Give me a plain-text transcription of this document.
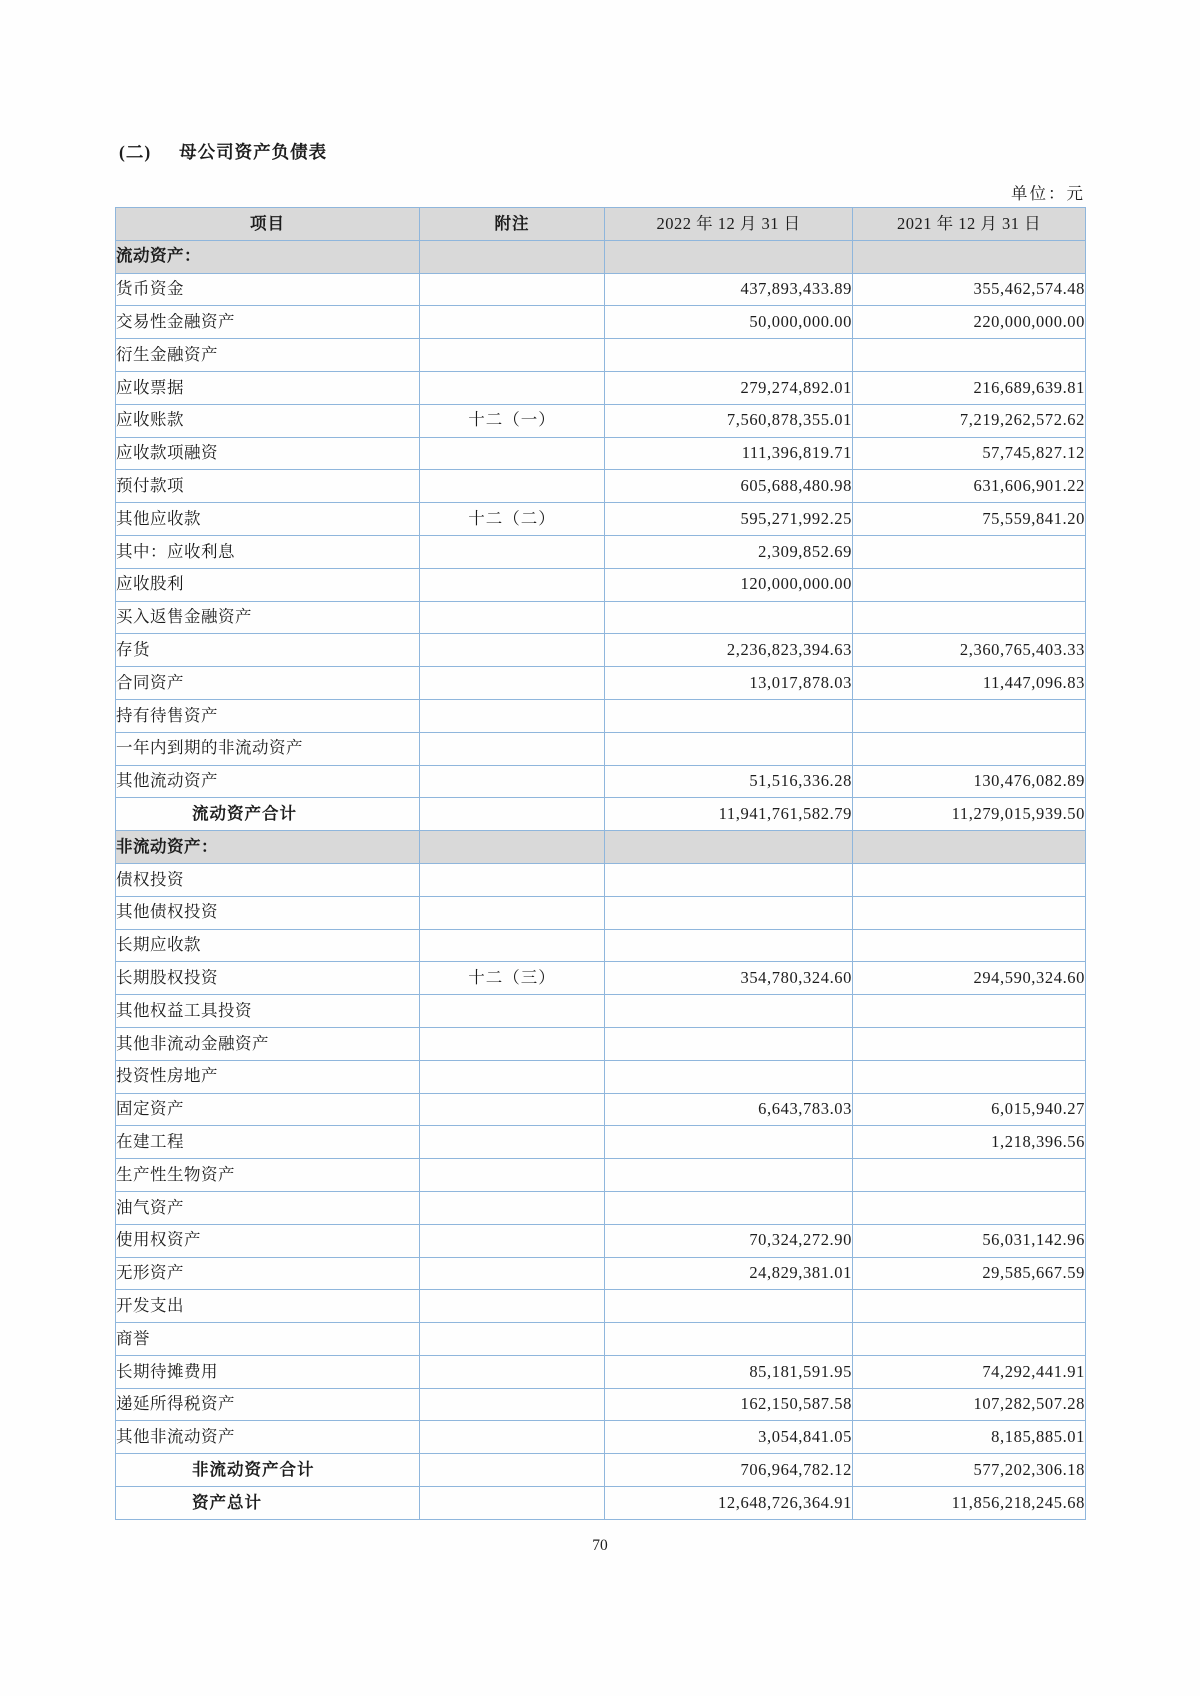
(二) 母公司资产负债表
单位：元
项目	附注	2022 年 12 月 31 日	2021 年 12 月 31 日
流动资产：			
货币资金		437,893,433.89	355,462,574.48
交易性金融资产		50,000,000.00	220,000,000.00
衍生金融资产			
应收票据		279,274,892.01	216,689,639.81
应收账款	十二（一）	7,560,878,355.01	7,219,262,572.62
应收款项融资		111,396,819.71	57,745,827.12
预付款项		605,688,480.98	631,606,901.22
其他应收款	十二（二）	595,271,992.25	75,559,841.20
其中：应收利息		2,309,852.69	
应收股利		120,000,000.00	
买入返售金融资产			
存货		2,236,823,394.63	2,360,765,403.33
合同资产		13,017,878.03	11,447,096.83
持有待售资产			
一年内到期的非流动资产			
其他流动资产		51,516,336.28	130,476,082.89
流动资产合计		11,941,761,582.79	11,279,015,939.50
非流动资产：			
债权投资			
其他债权投资			
长期应收款			
长期股权投资	十二（三）	354,780,324.60	294,590,324.60
其他权益工具投资			
其他非流动金融资产			
投资性房地产			
固定资产		6,643,783.03	6,015,940.27
在建工程			1,218,396.56
生产性生物资产			
油气资产			
使用权资产		70,324,272.90	56,031,142.96
无形资产		24,829,381.01	29,585,667.59
开发支出			
商誉			
长期待摊费用		85,181,591.95	74,292,441.91
递延所得税资产		162,150,587.58	107,282,507.28
其他非流动资产		3,054,841.05	8,185,885.01
非流动资产合计		706,964,782.12	577,202,306.18
资产总计		12,648,726,364.91	11,856,218,245.68
70
